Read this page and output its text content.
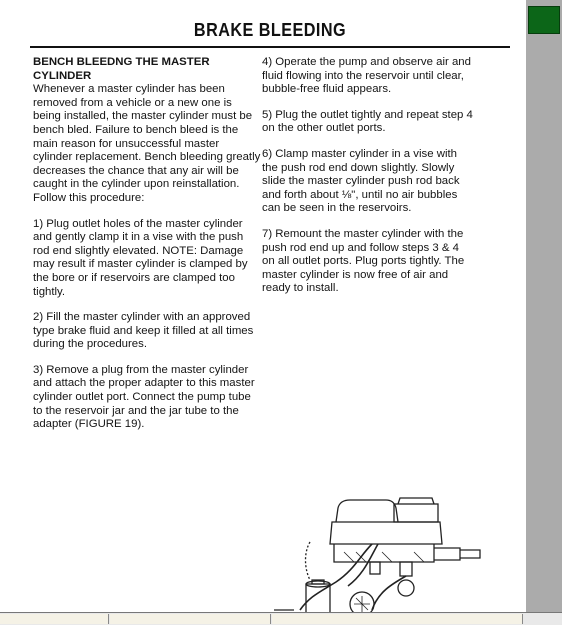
BRAKE BLEEDING

BENCH BLEEDNG THE MASTER CYLINDER
Whenever a master cylinder has been removed from a vehicle or a new one is being installed, the master cylinder must be bench bled. Failure to bench bleed is the main reason for unsuccessful master cylinder replacement. Bench bleeding greatly decreases the chance that any air will be caught in the cylinder upon reinstallation. Follow this procedure:

1) Plug outlet holes of the master cylinder and gently clamp it in a vise with the push rod end slightly elevated. NOTE: Damage may result if master cylinder is clamped by the bore or if reservoirs are clamped too tightly.

2) Fill the master cylinder with an approved type brake fluid and keep it filled at all times during the procedures.

3) Remove a plug from the master cylinder and attach the proper adapter to this master cylinder outlet port. Connect the pump tube to the reservoir jar and the jar tube to the adapter (FIGURE 19).

4) Operate the pump and observe air and fluid flowing into the reservoir until clear, bubble-free fluid appears.

5) Plug the outlet tightly and repeat step 4 on the other outlet ports.

6) Clamp master cylinder in a vise with the push rod end down slightly. Slowly slide the master cylinder push rod back and forth about ⅛", until no air bubbles can be seen in the reservoirs.

7) Remount the master cylinder with the push rod end up and follow steps 3 & 4 on all outlet ports. Plug ports tightly. The master cylinder is now free of air and ready to install.
